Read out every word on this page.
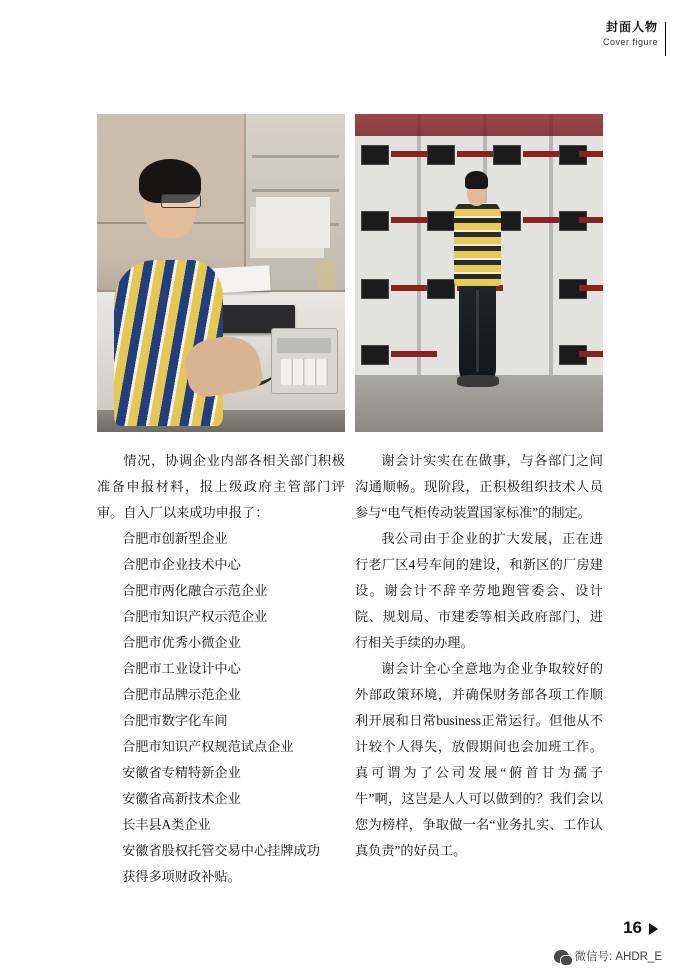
封面人物
Cover figure

情况，协调企业内部各相关部门积极准备申报材料，报上级政府主管部门评审。自入厂以来成功申报了：

合肥市创新型企业

合肥市企业技术中心

合肥市两化融合示范企业

合肥市知识产权示范企业

合肥市优秀小微企业

合肥市工业设计中心

合肥市品牌示范企业

合肥市数字化车间

合肥市知识产权规范试点企业

安徽省专精特新企业

安徽省高新技术企业

长丰县A类企业

安徽省股权托管交易中心挂牌成功

获得多项财政补贴。

谢会计实实在在做事，与各部门之间沟通顺畅。现阶段，正积极组织技术人员参与“电气柜传动装置国家标准”的制定。

我公司由于企业的扩大发展，正在进行老厂区4号车间的建设，和新区的厂房建设。谢会计不辞辛劳地跑管委会、设计院、规划局、市建委等相关政府部门，进行相关手续的办理。

谢会计全心全意地为企业争取较好的外部政策环境，并确保财务部各项工作顺利开展和日常business正常运行。但他从不计较个人得失，放假期间也会加班工作。真可谓为了公司发展“俯首甘为孺子牛”啊，这岂是人人可以做到的？我们会以您为榜样，争取做一名“业务扎实、工作认真负责”的好员工。

16
微信号: AHDR_E
